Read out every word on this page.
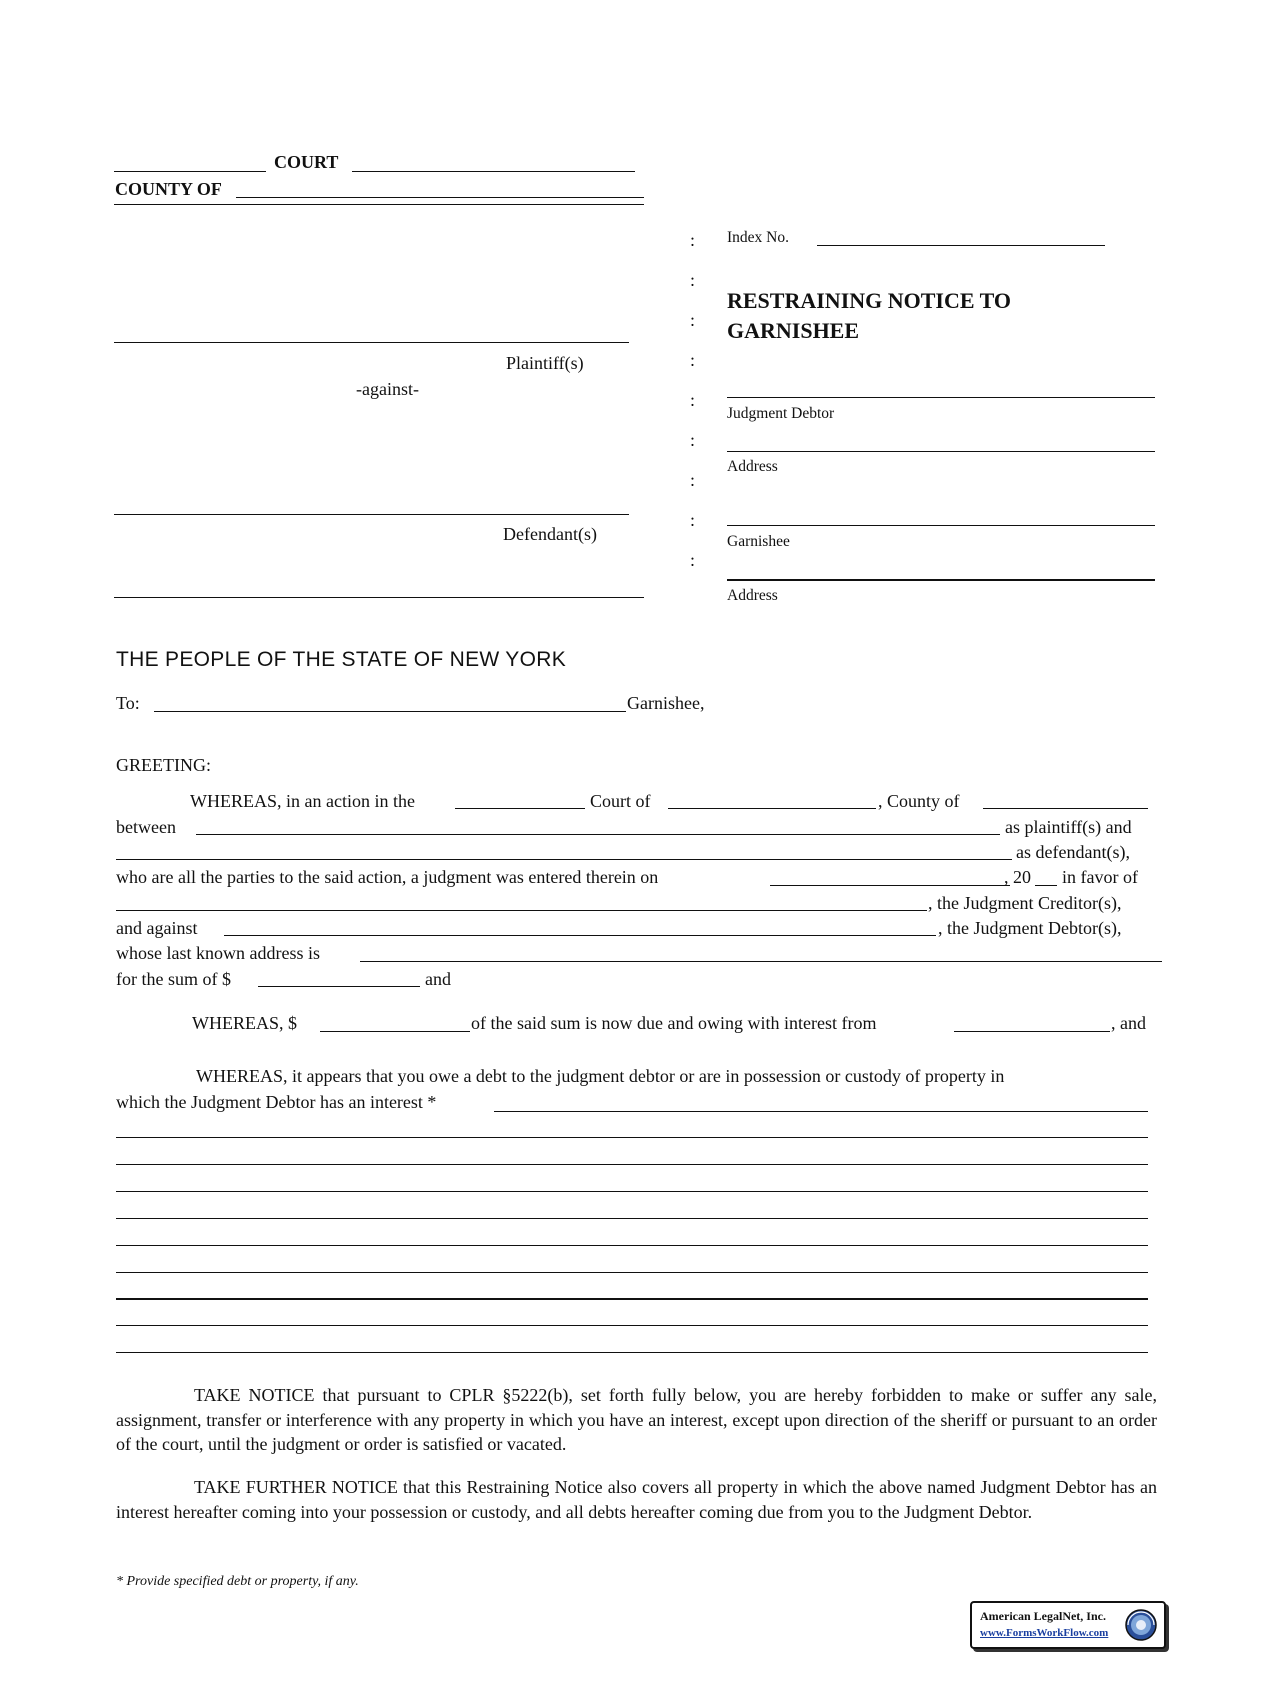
COURT
COUNTY OF
Plaintiff(s)
-against-
Defendant(s)
:
:
:
:
:
:
:
:
:
Index No.
RESTRAINING NOTICE TO
GARNISHEE
Judgment Debtor
Address
Garnishee
Address
THE PEOPLE OF THE STATE OF NEW YORK
To:	Garnishee,
GREETING:
WHEREAS, in an action in the	Court of	, County of
between	as plaintiff(s) and
as defendant(s),
who are all the parties to the said action, a judgment was entered therein on	, 20 in favor of
, the Judgment Creditor(s),
and against	, the Judgment Debtor(s),
whose last known address is
for the sum of $	and
WHEREAS, $	of the said sum is now due and owing with interest from	, and
WHEREAS, it appears that you owe a debt to the judgment debtor or are in possession or custody of property in
which the Judgment Debtor has an interest *
TAKE NOTICE that pursuant to CPLR §5222(b), set forth fully below, you are hereby forbidden to make or suffer any sale, assignment, transfer or interference with any property in which you have an interest, except upon direction of the sheriff or pursuant to an order of the court, until the judgment or order is satisfied or vacated.
TAKE FURTHER NOTICE that this Restraining Notice also covers all property in which the above named Judgment Debtor has an interest hereafter coming into your possession or custody, and all debts hereafter coming due from you to the Judgment Debtor.
* Provide specified debt or property, if any.
American LegalNet, Inc.
www.FormsWorkFlow.com
